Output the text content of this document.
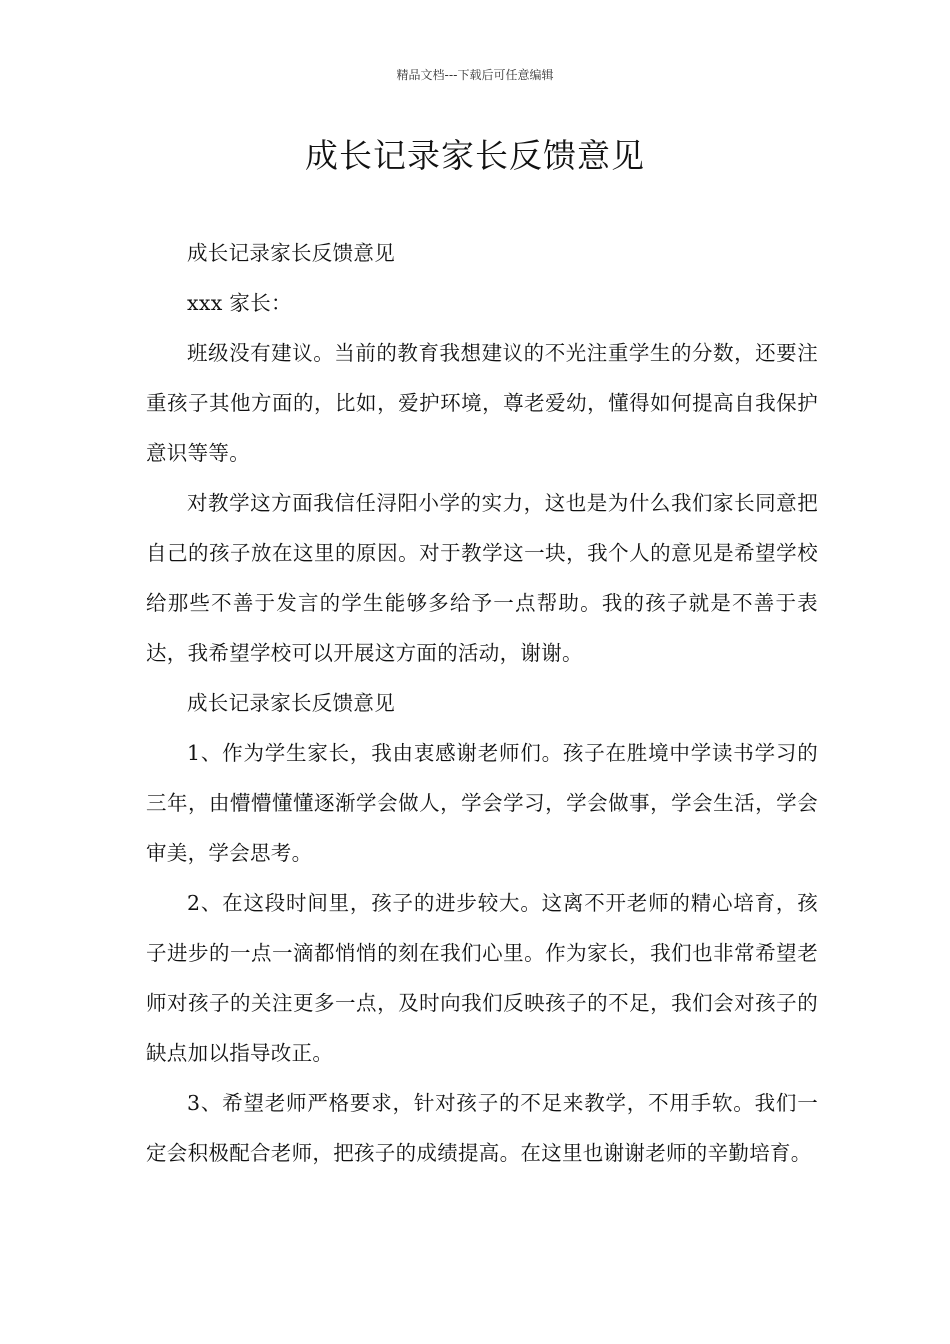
精品文档---下载后可任意编辑
成长记录家长反馈意见

成长记录家长反馈意见

xxx 家长：

班级没有建议。当前的教育我想建议的不光注重学生的分数，还要注重孩子其他方面的，比如，爱护环境，尊老爱幼，懂得如何提高自我保护意识等等。

对教学这方面我信任浔阳小学的实力，这也是为什么我们家长同意把自己的孩子放在这里的原因。对于教学这一块，我个人的意见是希望学校给那些不善于发言的学生能够多给予一点帮助。我的孩子就是不善于表达，我希望学校可以开展这方面的活动，谢谢。

成长记录家长反馈意见

1、作为学生家长，我由衷感谢老师们。孩子在胜境中学读书学习的三年，由懵懵懂懂逐渐学会做人，学会学习，学会做事，学会生活，学会审美，学会思考。

2、在这段时间里，孩子的进步较大。这离不开老师的精心培育，孩子进步的一点一滴都悄悄的刻在我们心里。作为家长，我们也非常希望老师对孩子的关注更多一点，及时向我们反映孩子的不足，我们会对孩子的缺点加以指导改正。

3、希望老师严格要求，针对孩子的不足来教学，不用手软。我们一定会积极配合老师，把孩子的成绩提高。在这里也谢谢老师的辛勤培育。
